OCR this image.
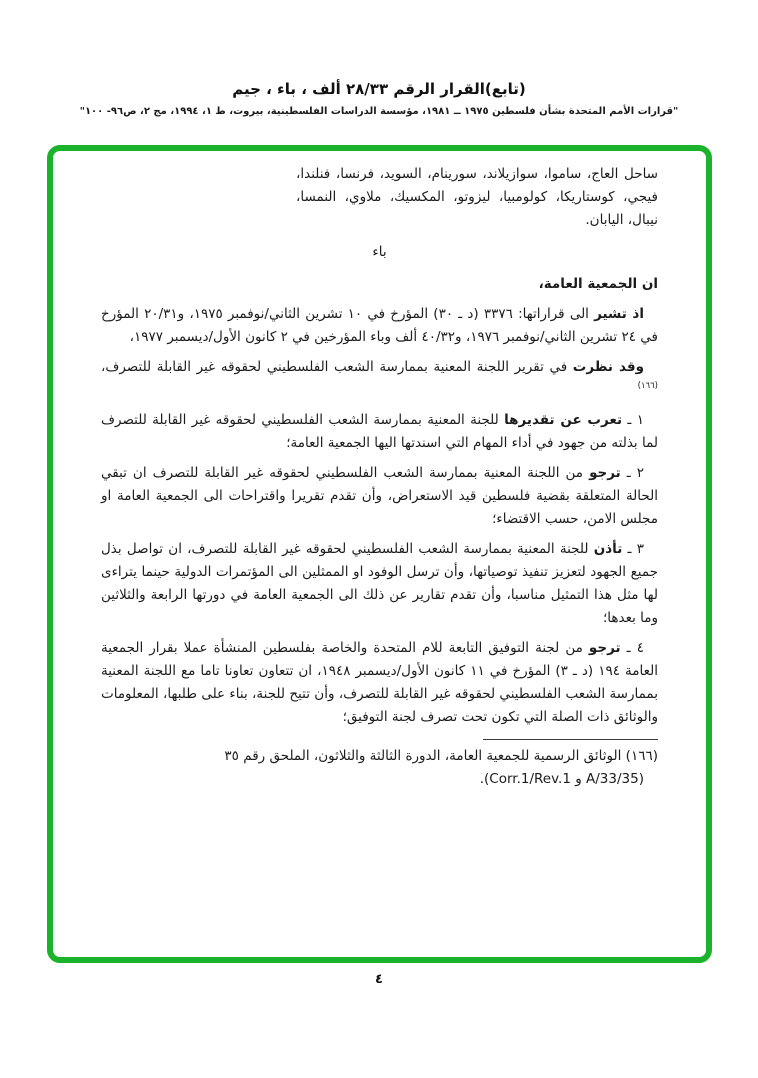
(تابع)القرار الرقم ٢٨/٣٣ ألف ، باء ، جيم
"قرارات الأمم المتحدة بشأن فلسطين ١٩٧٥ ــ ١٩٨١، مؤسسة الدراسات الفلسطينية، بيروت، ط ١، ١٩٩٤، مج ٢، ص٩٦- ١٠٠"
ساحل العاج، ساموا، سوازيلاند، سورينام، السويد، فرنسا، فنلندا، فيجي، كوستاريكا، كولومبيا، ليزوتو، المكسيك، ملاوي، النمسا، نيبال، اليابان.
باء

ان الجمعية العامة،

اذ تشير الى قراراتها: ٣٣٧٦ (د ـ ٣٠) المؤرخ في ١٠ تشرين الثاني/نوفمبر ١٩٧٥، و٢٠/٣١ المؤرخ في ٢٤ تشرين الثاني/نوفمبر ١٩٧٦، و٤٠/٣٢ ألف وباء المؤرخين في ٢ كانون الأول/ديسمبر ١٩٧٧،

وقد نظرت في تقرير اللجنة المعنية بممارسة الشعب الفلسطيني لحقوقه غير القابلة للتصرف،$^{(١٦٦)}$

١ ـ تعرب عن تقديرها للجنة المعنية بممارسة الشعب الفلسطيني لحقوقه غير القابلة للتصرف لما بذلته من جهود في أداء المهام التي اسندتها اليها الجمعية العامة؛

٢ ـ ترجو من اللجنة المعنية بممارسة الشعب الفلسطيني لحقوقه غير القابلة للتصرف ان تبقي الحالة المتعلقة بقضية فلسطين قيد الاستعراض، وأن تقدم تقريرا واقتراحات الى الجمعية العامة او مجلس الامن، حسب الاقتضاء؛

٣ ـ تأذن للجنة المعنية بممارسة الشعب الفلسطيني لحقوقه غير القابلة للتصرف، ان تواصل بذل جميع الجهود لتعزيز تنفيذ توصياتها، وأن ترسل الوفود او الممثلين الى المؤتمرات الدولية حينما يتراءى لها مثل هذا التمثيل مناسبا، وأن تقدم تقارير عن ذلك الى الجمعية العامة في دورتها الرابعة والثلاثين وما بعدها؛

٤ ـ ترجو من لجنة التوفيق التابعة للام المتحدة والخاصة بفلسطين المنشأة عملا بقرار الجمعية العامة ١٩٤ (د ـ ٣) المؤرخ في ١١ كانون الأول/ديسمبر ١٩٤٨، ان تتعاون تعاونا تاما مع اللجنة المعنية بممارسة الشعب الفلسطيني لحقوقه غير القابلة للتصرف، وأن تتيح للجنة، بناء على طلبها، المعلومات والوثائق ذات الصلة التي تكون تحت تصرف لجنة التوفيق؛

(١٦٦) الوثائق الرسمية للجمعية العامة، الدورة الثالثة والثلاثون، الملحق رقم ٣٥
(A/33/35 و Corr.1/Rev.1).
٤
